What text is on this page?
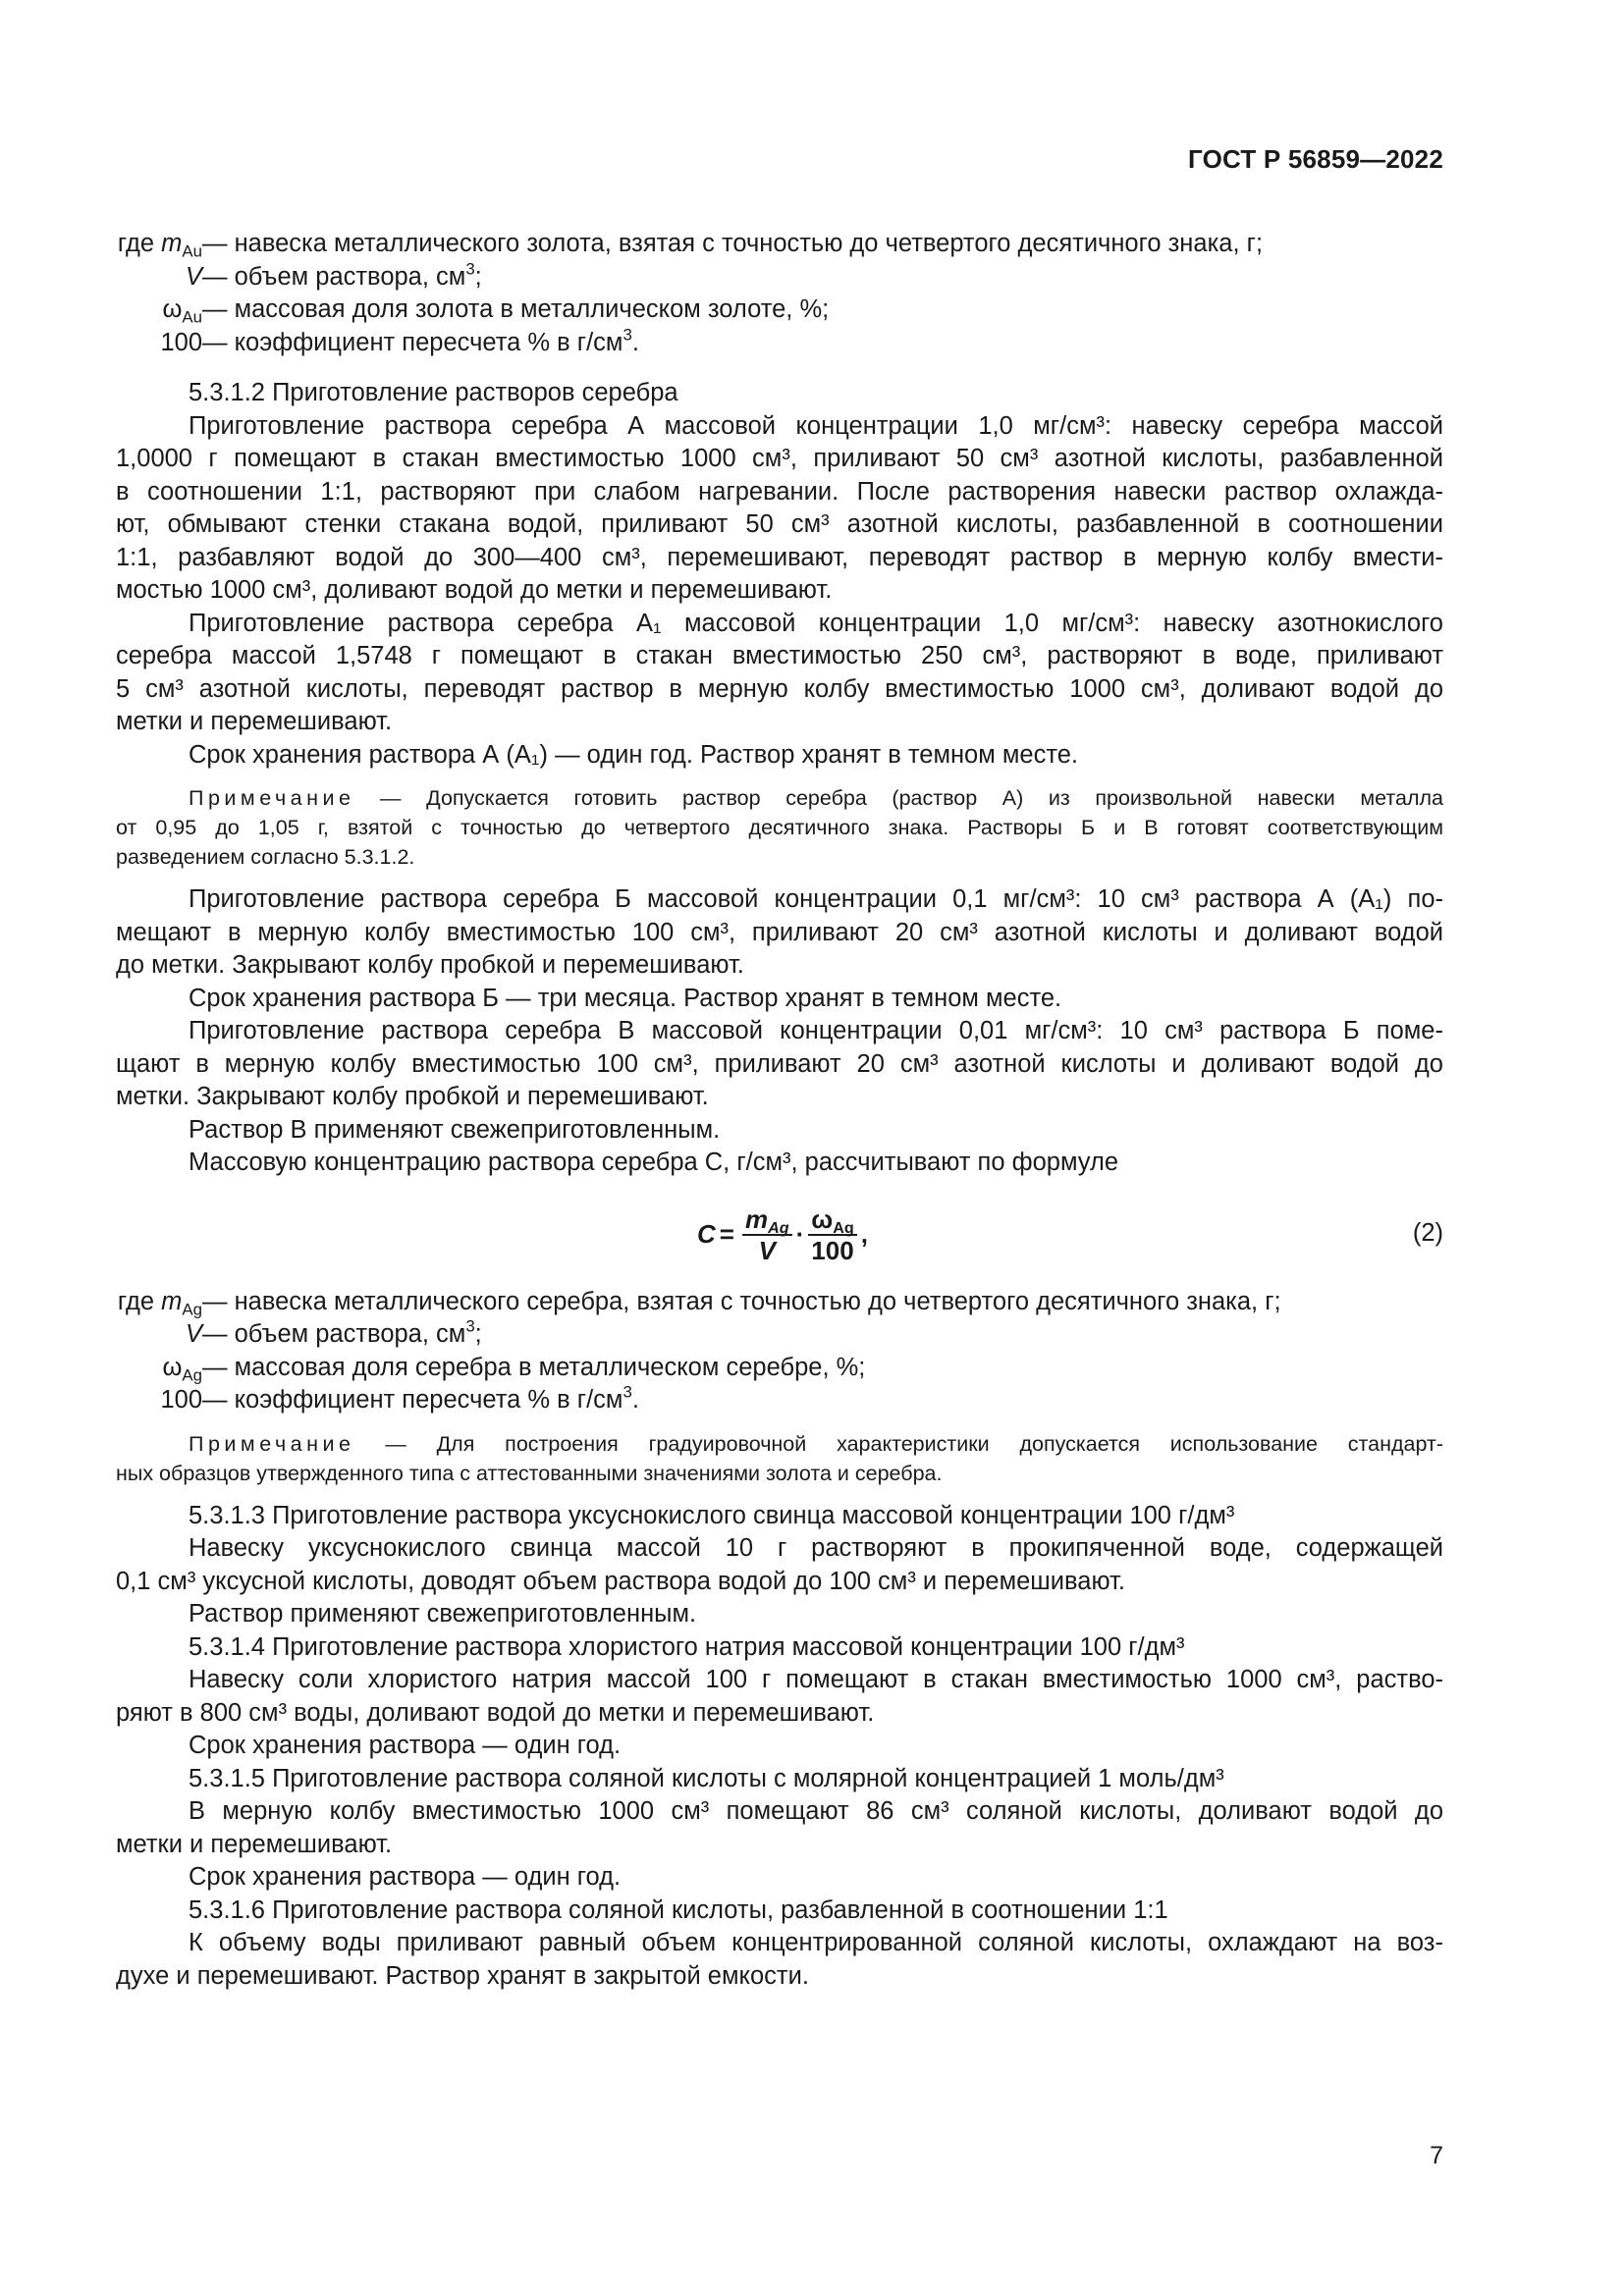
ГОСТ Р 56859—2022
где $m_{Au}$ — навеска металлического золота, взятая с точностью до четвертого десятичного знака, г;
V — объем раствора, $см^3$;
$\omega_{Au}$ — массовая доля золота в металлическом золоте, %;
100 — коэффициент пересчета % в $г/см^3$.
5.3.1.2 Приготовление растворов серебра
Приготовление раствора серебра А массовой концентрации 1,0 мг/см³: навеску серебра массой
1,0000 г помещают в стакан вместимостью 1000 см³, приливают 50 см³ азотной кислоты, разбавленной
в соотношении 1:1, растворяют при слабом нагревании. После растворения навески раствор охлажда-
ют, обмывают стенки стакана водой, приливают 50 см³ азотной кислоты, разбавленной в соотношении
1:1, разбавляют водой до 300—400 см³, перемешивают, переводят раствор в мерную колбу вмести-
мостью 1000 см³, доливают водой до метки и перемешивают.
Приготовление раствора серебра А₁ массовой концентрации 1,0 мг/см³: навеску азотнокислого
серебра массой 1,5748 г помещают в стакан вместимостью 250 см³, растворяют в воде, приливают
5 см³ азотной кислоты, переводят раствор в мерную колбу вместимостью 1000 см³, доливают водой до
метки и перемешивают.
Срок хранения раствора А (А₁) — один год. Раствор хранят в темном месте.
Примечание — Допускается готовить раствор серебра (раствор А) из произвольной навески металла
от 0,95 до 1,05 г, взятой с точностью до четвертого десятичного знака. Растворы Б и В готовят соответствующим
разведением согласно 5.3.1.2.
Приготовление раствора серебра Б массовой концентрации 0,1 мг/см³: 10 см³ раствора А (А₁) по-
мещают в мерную колбу вместимостью 100 см³, приливают 20 см³ азотной кислоты и доливают водой
до метки. Закрывают колбу пробкой и перемешивают.
Срок хранения раствора Б — три месяца. Раствор хранят в темном месте.
Приготовление раствора серебра В массовой концентрации 0,01 мг/см³: 10 см³ раствора Б поме-
щают в мерную колбу вместимостью 100 см³, приливают 20 см³ азотной кислоты и доливают водой до
метки. Закрывают колбу пробкой и перемешивают.
Раствор В применяют свежеприготовленным.
Массовую концентрацию раствора серебра C, г/см³, рассчитывают по формуле
$C = \frac{m_{Ag}}{V} \cdot \frac{\omega_{Ag}}{100}$ ,	(2)
где $m_{Ag}$ — навеска металлического серебра, взятая с точностью до четвертого десятичного знака, г;
V — объем раствора, $см^3$;
$\omega_{Ag}$ — массовая доля серебра в металлическом серебре, %;
100 — коэффициент пересчета % в $г/см^3$.
Примечание — Для построения градуировочной характеристики допускается использование стандарт-
ных образцов утвержденного типа с аттестованными значениями золота и серебра.
5.3.1.3 Приготовление раствора уксуснокислого свинца массовой концентрации 100 г/дм³
Навеску уксуснокислого свинца массой 10 г растворяют в прокипяченной воде, содержащей
0,1 см³ уксусной кислоты, доводят объем раствора водой до 100 см³ и перемешивают.
Раствор применяют свежеприготовленным.
5.3.1.4 Приготовление раствора хлористого натрия массовой концентрации 100 г/дм³
Навеску соли хлористого натрия массой 100 г помещают в стакан вместимостью 1000 см³, раство-
ряют в 800 см³ воды, доливают водой до метки и перемешивают.
Срок хранения раствора — один год.
5.3.1.5 Приготовление раствора соляной кислоты с молярной концентрацией 1 моль/дм³
В мерную колбу вместимостью 1000 см³ помещают 86 см³ соляной кислоты, доливают водой до
метки и перемешивают.
Срок хранения раствора — один год.
5.3.1.6 Приготовление раствора соляной кислоты, разбавленной в соотношении 1:1
К объему воды приливают равный объем концентрированной соляной кислоты, охлаждают на воз-
духе и перемешивают. Раствор хранят в закрытой емкости.
7
